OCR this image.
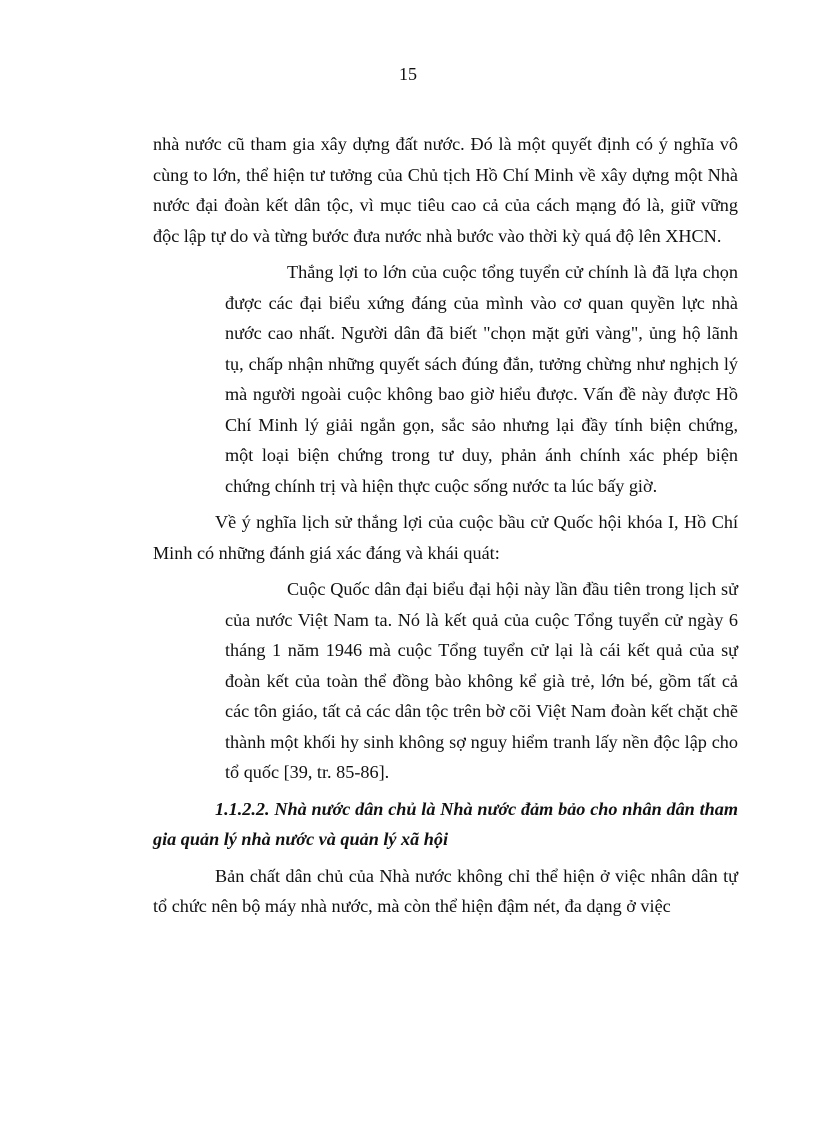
15

nhà nước cũ tham gia xây dựng đất nước. Đó là một quyết định có ý nghĩa vô cùng to lớn, thể hiện tư tưởng của Chủ tịch Hồ Chí Minh về xây dựng một Nhà nước đại đoàn kết dân tộc, vì mục tiêu cao cả của cách mạng đó là, giữ vững độc lập tự do và từng bước đưa nước nhà bước vào thời kỳ quá độ lên XHCN.

Thắng lợi to lớn của cuộc tổng tuyển cử chính là đã lựa chọn được các đại biểu xứng đáng của mình vào cơ quan quyền lực nhà nước cao nhất. Người dân đã biết "chọn mặt gửi vàng", ủng hộ lãnh tụ, chấp nhận những quyết sách đúng đắn, tưởng chừng như nghịch lý mà người ngoài cuộc không bao giờ hiểu được. Vấn đề này được Hồ Chí Minh lý giải ngắn gọn, sắc sảo nhưng lại đầy tính biện chứng, một loại biện chứng trong tư duy, phản ánh chính xác phép biện chứng chính trị và hiện thực cuộc sống nước ta lúc bấy giờ.

Về ý nghĩa lịch sử thắng lợi của cuộc bầu cử Quốc hội khóa I, Hồ Chí Minh có những đánh giá xác đáng và khái quát:

Cuộc Quốc dân đại biểu đại hội này lần đầu tiên trong lịch sử của nước Việt Nam ta. Nó là kết quả của cuộc Tổng tuyển cử ngày 6 tháng 1 năm 1946 mà cuộc Tổng tuyển cử lại là cái kết quả của sự đoàn kết của toàn thể đồng bào không kể già trẻ, lớn bé, gồm tất cả các tôn giáo, tất cả các dân tộc trên bờ cõi Việt Nam đoàn kết chặt chẽ thành một khối hy sinh không sợ nguy hiểm tranh lấy nền độc lập cho tổ quốc [39, tr. 85-86].

1.1.2.2. Nhà nước dân chủ là Nhà nước đảm bảo cho nhân dân tham gia quản lý nhà nước và quản lý xã hội

Bản chất dân chủ của Nhà nước không chỉ thể hiện ở việc nhân dân tự tổ chức nên bộ máy nhà nước, mà còn thể hiện đậm nét, đa dạng ở việc
